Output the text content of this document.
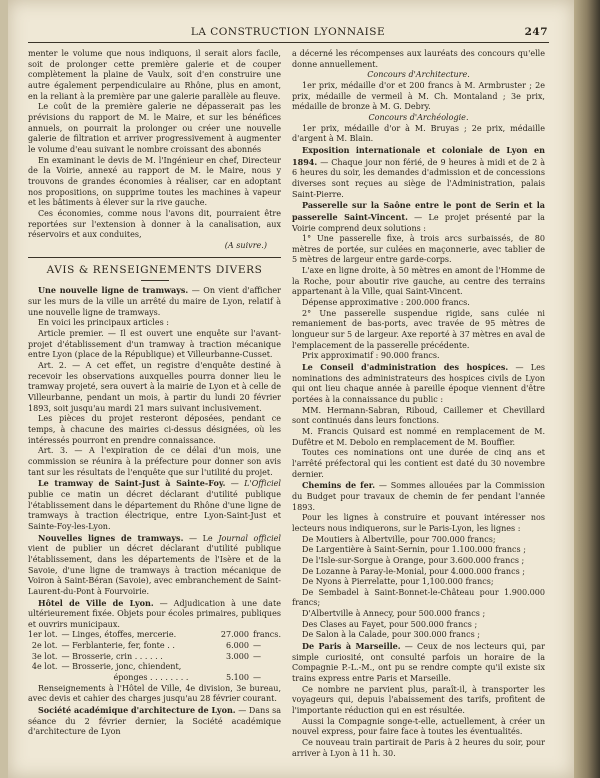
LA CONSTRUCTION LYONNAISE	247

menter le volume que nous indiquons, il serait alors facile, soit de prolonger cette première galerie et de couper complètement la plaine de Vaulx, soit d'en construire une autre également perpendiculaire au Rhône, plus en amont, en la reliant à la première par une galerie parallèle au fleuve.

Le coût de la première galerie ne dépasserait pas les prévisions du rapport de M. le Maire, et sur les bénéfices annuels, on pourrait la prolonger ou créer une nouvelle galerie de filtration et arriver progressivement à augmenter le volume d'eau suivant le nombre croissant des abonnés

En examinant le devis de M. l'Ingénieur en chef, Directeur de la Voirie, annexé au rapport de M. le Maire, nous y trouvons de grandes économies à réaliser, car en adoptant nos propositions, on supprime toutes les machines à vapeur et les bâtiments à élever sur la rive gauche.

Ces économies, comme nous l'avons dit, pourraient être reportées sur l'extension à donner à la canalisation, aux réservoirs et aux conduites,

(A suivre.)

AVIS & RENSEIGNEMENTS DIVERS

Une nouvelle ligne de tramways. — On vient d'afficher sur les murs de la ville un arrêté du maire de Lyon, relatif à une nouvelle ligne de tramways.

En voici les principaux articles :

Article premier. — Il est ouvert une enquête sur l'avant-projet d'établissement d'un tramway à traction mécanique entre Lyon (place de la République) et Villeurbanne-Cusset.

Art. 2. — A cet effet, un registre d'enquête destiné à recevoir les observations auxquelles pourra donner lieu le tramway projeté, sera ouvert à la mairie de Lyon et à celle de Villeurbanne, pendant un mois, à partir du lundi 20 février 1893, soit jusqu'au mardi 21 mars suivant inclusivement.

Les pièces du projet resteront déposées, pendant ce temps, à chacune des mairies ci-dessus désignées, où les intéressés pourront en prendre connaissance.

Art. 3. — A l'expiration de ce délai d'un mois, une commission se réunira à la préfecture pour donner son avis tant sur les résultats de l'enquête que sur l'utilité du projet.

Le tramway de Saint-Just à Sainte-Foy. — L'Officiel publie ce matin un décret déclarant d'utilité publique l'établissement dans le département du Rhône d'une ligne de tramways à traction électrique, entre Lyon-Saint-Just et Sainte-Foy-les-Lyon.

Nouvelles lignes de tramways. — Le Journal officiel vient de publier un décret déclarant d'utilité publique l'établissement, dans les départements de l'Isère et de la Savoie, d'une ligne de tramways à traction mécanique de Voiron à Saint-Béran (Savoie), avec embranchement de Saint-Laurent-du-Pont à Fourvoirie.

Hôtel de Ville de Lyon. — Adjudication à une date ultérieurement fixée. Objets pour écoles primaires, publiques et ouvrirs municipaux.

1er lot.	— Linges, étoffes, mercerie.	27.000	francs.
2e lot.	— Ferblanterie, fer, fonte . .	6.000	—
3e lot.	— Brosserie, crin . . . . . .	3.000	—
4e lot.	— Brosserie, jonc, chiendent,		
	éponges . . . . . . . .	5.100	—

Renseignements à l'Hôtel de Ville, 4e division, 3e bureau, avec devis et cahier des charges jusqu'au 28 février courant.

Société académique d'architecture de Lyon. — Dans sa séance du 2 février dernier, la Société académique d'architecture de Lyon

a décerné les récompenses aux lauréats des concours qu'elle donne annuellement.

Concours d'Architecture.

1er prix, médaille d'or et 200 francs à M. Armbruster ; 2e prix, médaille de vermeil à M. Ch. Montaland ; 3e prix, médaille de bronze à M. G. Debry.

Concours d'Archéologie.

1er prix, médaille d'or à M. Bruyas ; 2e prix, médaille d'argent à M. Blain.

Exposition internationale et coloniale de Lyon en 1894. — Chaque jour non férié, de 9 heures à midi et de 2 à 6 heures du soir, les demandes d'admission et de concessions diverses sont reçues au siège de l'Administration, palais Saint-Pierre.

Passerelle sur la Saône entre le pont de Serin et la passerelle Saint-Vincent. — Le projet présenté par la Voirie comprend deux solutions :

1° Une passerelle fixe, à trois arcs surbaissés, de 80 mètres de portée, sur culées en maçonnerie, avec tablier de 5 mètres de largeur entre garde-corps.

L'axe en ligne droite, à 50 mètres en amont de l'Homme de la Roche, pour aboutir rive gauche, au centre des terrains appartenant à la Ville, quai Saint-Vincent.

Dépense approximative : 200.000 francs.

2° Une passerelle suspendue rigide, sans culée ni remaniement de bas-ports, avec travée de 95 mètres de longueur sur 5 de largeur. Axe reporté à 37 mètres en aval de l'emplacement de la passerelle précédente.

Prix approximatif : 90.000 francs.

Le Conseil d'administration des hospices. — Les nominations des administrateurs des hospices civils de Lyon qui ont lieu chaque année à pareille époque viennent d'être portées à la connaissance du public :

MM. Hermann-Sabran, Riboud, Caillemer et Chevillard sont continués dans leurs fonctions.

M. Francis Quisard est nommé en remplacement de M. Dufêtre et M. Debolo en remplacement de M. Bouffier.

Toutes ces nominations ont une durée de cinq ans et l'arrêté préfectoral qui les contient est daté du 30 novembre dernier.

Chemins de fer. — Sommes allouées par la Commission du Budget pour travaux de chemin de fer pendant l'année 1893.

Pour les lignes à construire et pouvant intéresser nos lecteurs nous indiquerons, sur le Paris-Lyon, les lignes :

De Moutiers à Albertville, pour 700.000 francs;

De Largentière à Saint-Sernin, pour 1.100.000 francs ;

De l'Isle-sur-Sorgue à Orange, pour 3.600.000 francs ;

De Lozanne à Paray-le-Monial, pour 4.000.000 francs ;

De Nyons à Pierrelatte, pour 1,100.000 francs;

De Sembadel à Saint-Bonnet-le-Château pour 1.900.000 francs;

D'Albertville à Annecy, pour 500.000 francs ;

Des Clases au Fayet, pour 500.000 francs ;

De Salon à la Calade, pour 300.000 francs ;

De Paris à Marseille. — Ceux de nos lecteurs qui, par simple curiosité, ont consulté parfois un horaire de la Compagnie P.-L.-M., ont pu se rendre compte qu'il existe six trains express entre Paris et Marseille.

Ce nombre ne parvient plus, paraît-il, à transporter les voyageurs qui, depuis l'abaissement des tarifs, profitent de l'importante réduction qui en est résultée.

Aussi la Compagnie songe-t-elle, actuellement, à créer un nouvel express, pour faire face à toutes les éventualités.

Ce nouveau train partirait de Paris à 2 heures du soir, pour arriver à Lyon à 11 h. 30.
